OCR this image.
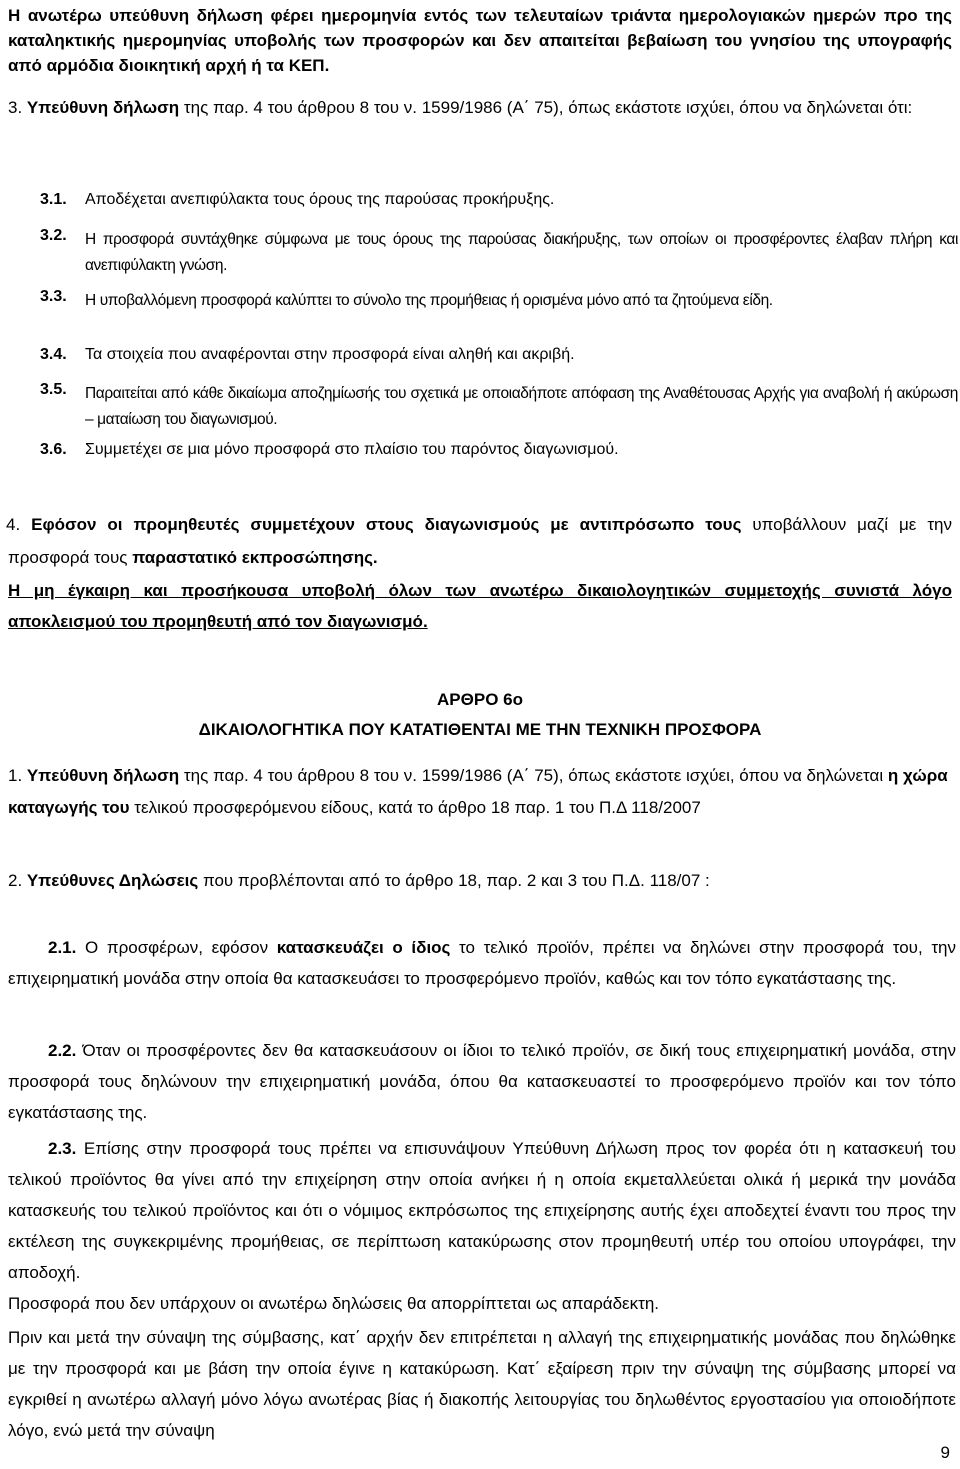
Η ανωτέρω υπεύθυνη δήλωση φέρει ημερομηνία εντός των τελευταίων τριάντα ημερολογιακών ημερών προ της καταληκτικής ημερομηνίας υποβολής των προσφορών και δεν απαιτείται βεβαίωση του γνησίου της υπογραφής από αρμόδια διοικητική αρχή ή τα ΚΕΠ.

3. Υπεύθυνη δήλωση της παρ. 4 του άρθρου 8 του ν. 1599/1986 (Α΄ 75), όπως εκάστοτε ισχύει, όπου να δηλώνεται ότι:

3.1.	Αποδέχεται ανεπιφύλακτα τους όρους της παρούσας προκήρυξης.

3.2.	Η προσφορά συντάχθηκε σύμφωνα με τους όρους της παρούσας διακήρυξης, των οποίων οι προσφέροντες έλαβαν πλήρη και ανεπιφύλακτη γνώση.

3.3.	Η υποβαλλόμενη προσφορά καλύπτει το σύνολο της προμήθειας ή ορισμένα μόνο από τα ζητούμενα είδη.

3.4.	Τα στοιχεία που αναφέρονται στην προσφορά είναι αληθή και ακριβή.

3.5.	Παραιτείται από κάθε δικαίωμα αποζημίωσής του σχετικά με οποιαδήποτε απόφαση της Αναθέτουσας Αρχής για αναβολή ή ακύρωση – ματαίωση του διαγωνισμού.

3.6.	Συμμετέχει σε μια μόνο προσφορά στο πλαίσιο του παρόντος διαγωνισμού.

4. Εφόσον οι προμηθευτές συμμετέχουν στους διαγωνισμούς με αντιπρόσωπο τους υποβάλλουν μαζί με την προσφορά τους παραστατικό εκπροσώπησης.

Η μη έγκαιρη και προσήκουσα υποβολή όλων των ανωτέρω δικαιολογητικών συμμετοχής συνιστά λόγο αποκλεισμού του προμηθευτή από τον διαγωνισμό.

ΑΡΘΡΟ 6ο

ΔΙΚΑΙΟΛΟΓΗΤΙΚΑ ΠΟΥ ΚΑΤΑΤΙΘΕΝΤΑΙ ΜΕ ΤΗΝ ΤΕΧΝΙΚΗ ΠΡΟΣΦΟΡΑ

1. Υπεύθυνη δήλωση της παρ. 4 του άρθρου 8 του ν. 1599/1986 (Α΄ 75), όπως εκάστοτε ισχύει, όπου να δηλώνεται η χώρα καταγωγής του τελικού προσφερόμενου είδους, κατά το άρθρο 18 παρ. 1 του Π.Δ 118/2007

2. Υπεύθυνες Δηλώσεις που προβλέπονται από το άρθρο 18, παρ. 2 και 3 του Π.Δ. 118/07 :

2.1. Ο προσφέρων, εφόσον κατασκευάζει ο ίδιος το τελικό προϊόν, πρέπει να δηλώνει στην προσφορά του, την επιχειρηματική μονάδα στην οποία θα κατασκευάσει το προσφερόμενο προϊόν, καθώς και τον τόπο εγκατάστασης της.

2.2. Όταν οι προσφέροντες δεν θα κατασκευάσουν οι ίδιοι το τελικό προϊόν, σε δική τους επιχειρηματική μονάδα, στην προσφορά τους δηλώνουν την επιχειρηματική μονάδα, όπου θα κατασκευαστεί το προσφερόμενο προϊόν και τον τόπο εγκατάστασης της.

2.3. Επίσης στην προσφορά τους πρέπει να επισυνάψουν Υπεύθυνη Δήλωση προς τον φορέα ότι η κατασκευή του τελικού προϊόντος θα γίνει από την επιχείρηση στην οποία ανήκει ή η οποία εκμεταλλεύεται ολικά ή μερικά την μονάδα κατασκευής του τελικού προϊόντος και ότι ο νόμιμος εκπρόσωπος της επιχείρησης αυτής έχει αποδεχτεί έναντι του προς την εκτέλεση της συγκεκριμένης προμήθειας, σε περίπτωση κατακύρωσης στον προμηθευτή υπέρ του οποίου υπογράφει, την αποδοχή.

Προσφορά που δεν υπάρχουν οι ανωτέρω δηλώσεις θα απορρίπτεται ως απαράδεκτη.

Πριν και μετά την σύναψη της σύμβασης, κατ΄ αρχήν δεν επιτρέπεται η αλλαγή της επιχειρηματικής μονάδας που δηλώθηκε με την προσφορά και με βάση την οποία έγινε η κατακύρωση. Κατ΄ εξαίρεση πριν την σύναψη της σύμβασης μπορεί να εγκριθεί η ανωτέρω αλλαγή μόνο λόγω ανωτέρας βίας ή διακοπής λειτουργίας του δηλωθέντος εργοστασίου για οποιοδήποτε λόγο, ενώ μετά την σύναψη

9
